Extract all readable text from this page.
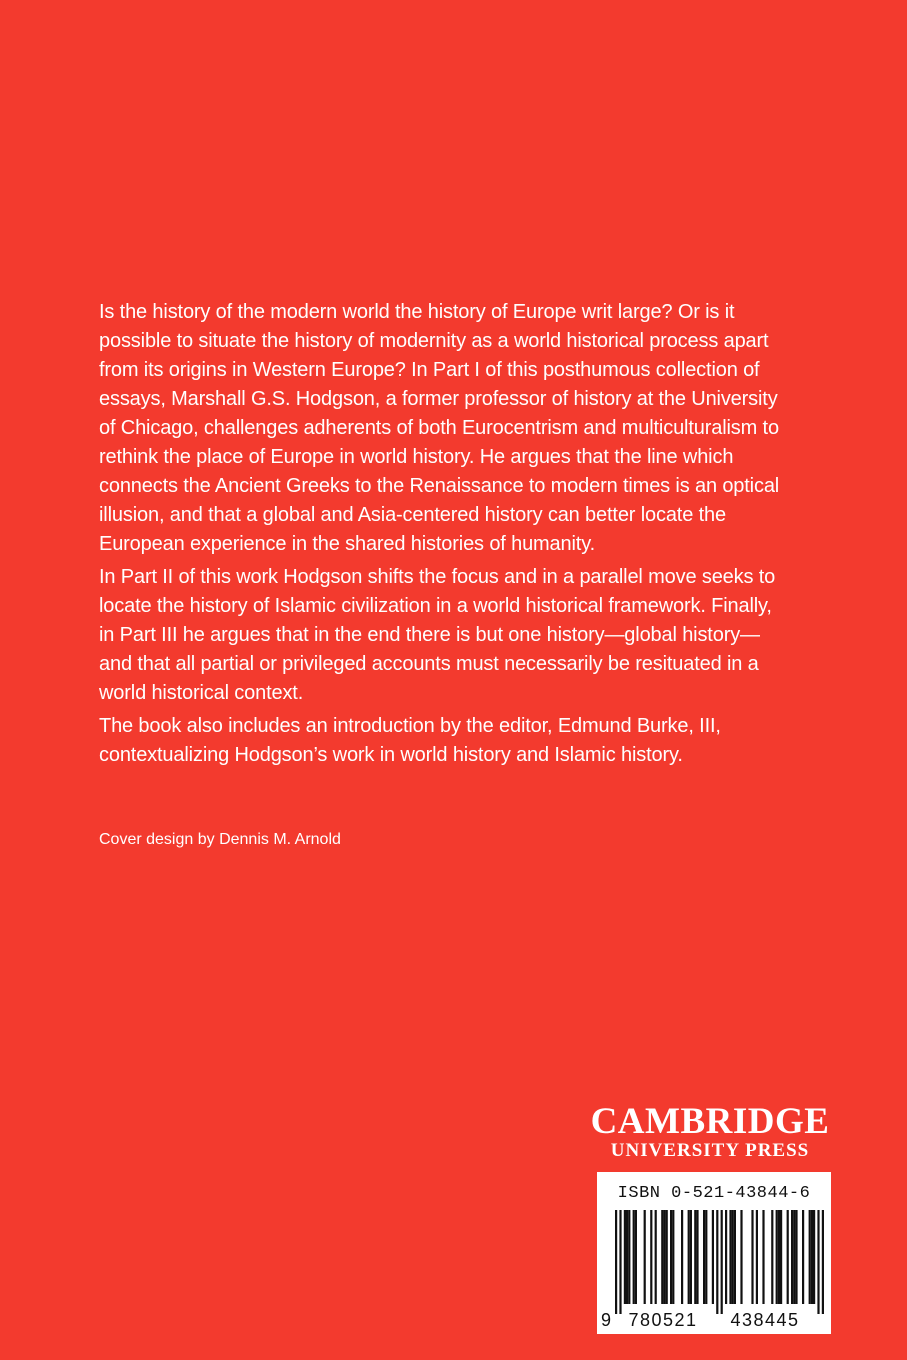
Is the history of the modern world the history of Europe writ large? Or is it possible to situate the history of modernity as a world historical process apart from its origins in Western Europe? In Part I of this posthumous collection of essays, Marshall G.S. Hodgson, a former professor of history at the University of Chicago, challenges adherents of both Eurocentrism and multiculturalism to rethink the place of Europe in world history. He argues that the line which connects the Ancient Greeks to the Renaissance to modern times is an optical illusion, and that a global and Asia-centered history can better locate the European experience in the shared histories of humanity.

In Part II of this work Hodgson shifts the focus and in a parallel move seeks to locate the history of Islamic civilization in a world historical framework. Finally, in Part III he argues that in the end there is but one history—global history—and that all partial or privileged accounts must necessarily be resituated in a world historical context.

The book also includes an introduction by the editor, Edmund Burke, III, contextualizing Hodgson’s work in world history and Islamic history.

Cover design by Dennis M. Arnold
CAMBRIDGE
UNIVERSITY PRESS
ISBN 0-521-43844-6
9 780521 438445
